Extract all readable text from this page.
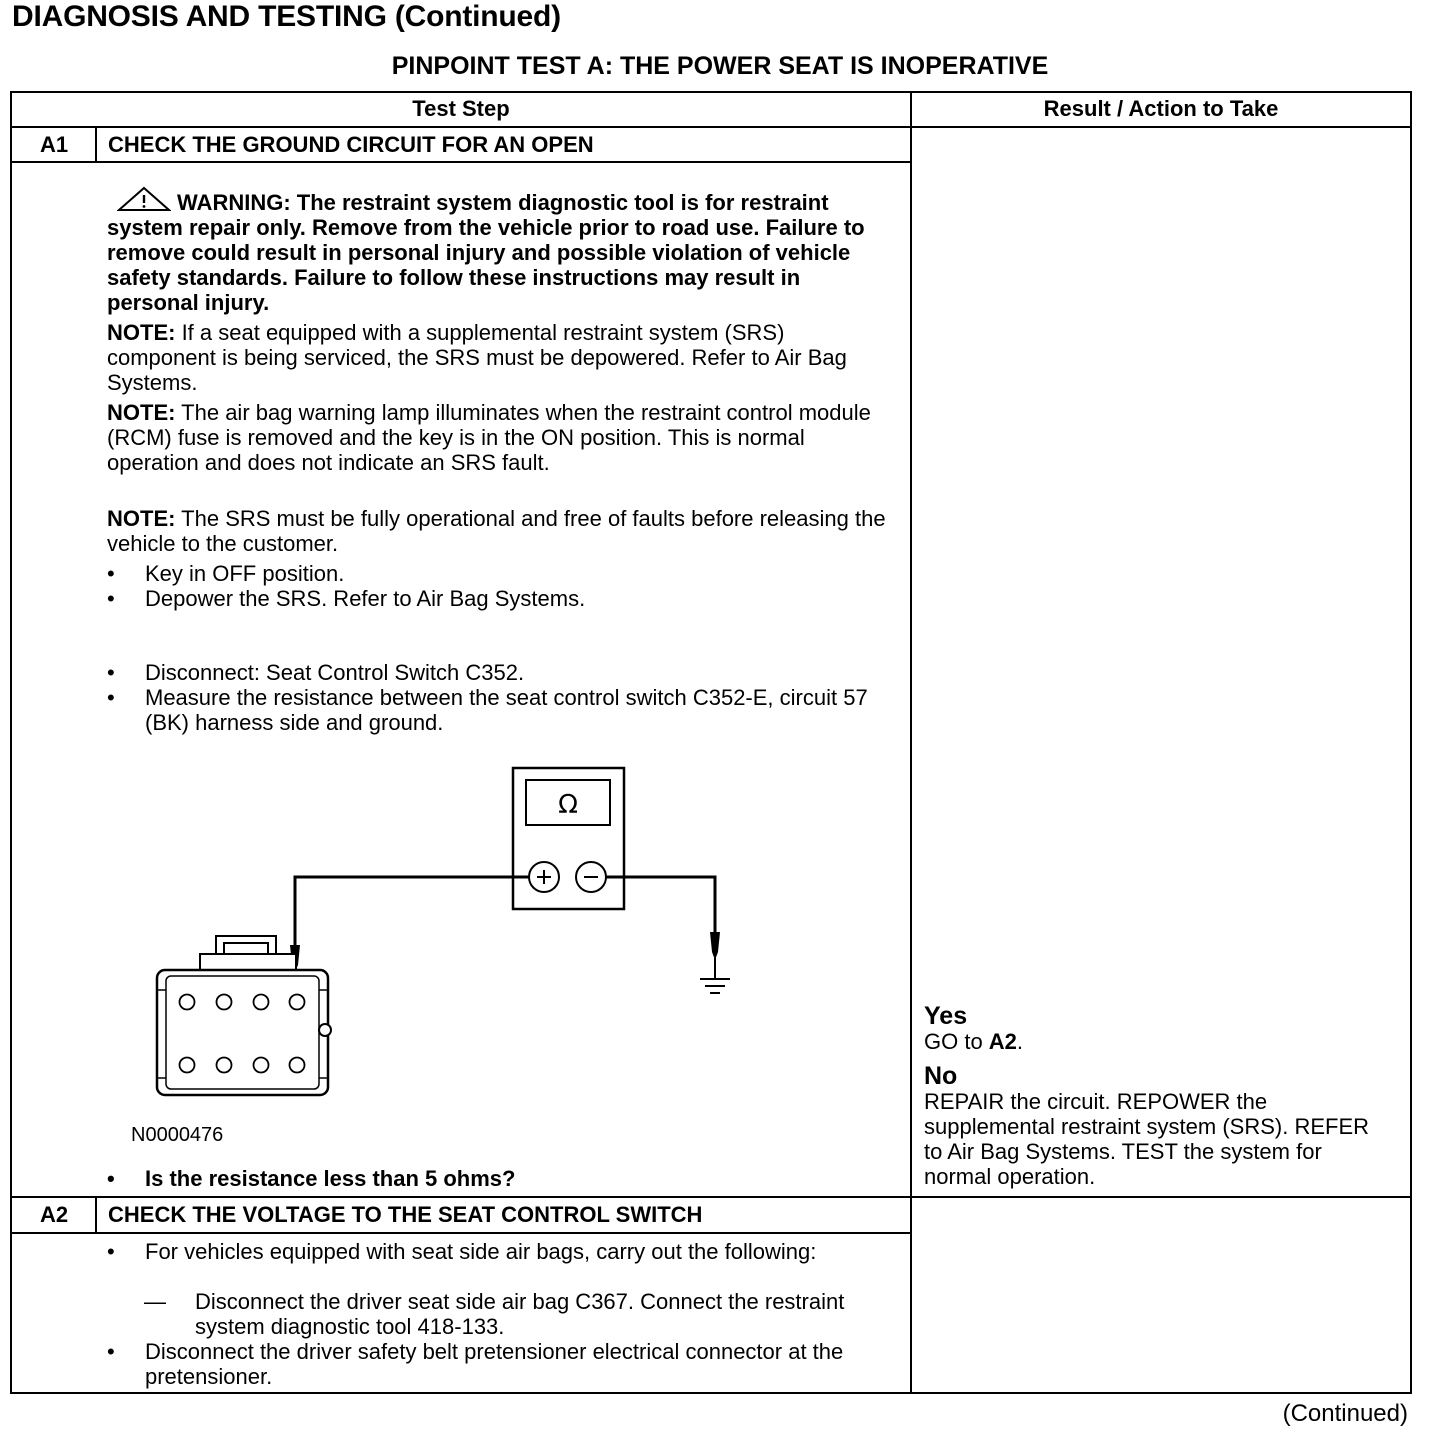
DIAGNOSIS AND TESTING (Continued)
PINPOINT TEST A: THE POWER SEAT IS INOPERATIVE
Test Step	Result / Action to Take
A1	CHECK THE GROUND CIRCUIT FOR AN OPEN
WARNING: The restraint system diagnostic tool is for restraint system repair only. Remove from the vehicle prior to road use. Failure to remove could result in personal injury and possible violation of vehicle safety standards. Failure to follow these instructions may result in personal injury.
NOTE: If a seat equipped with a supplemental restraint system (SRS) component is being serviced, the SRS must be depowered. Refer to Air Bag Systems.
NOTE: The air bag warning lamp illuminates when the restraint control module (RCM) fuse is removed and the key is in the ON position. This is normal operation and does not indicate an SRS fault.
NOTE: The SRS must be fully operational and free of faults before releasing the vehicle to the customer.
• Key in OFF position.
• Depower the SRS. Refer to Air Bag Systems.
• Disconnect: Seat Control Switch C352.
• Measure the resistance between the seat control switch C352-E, circuit 57 (BK) harness side and ground.
Ω
N0000476
• Is the resistance less than 5 ohms?
Yes
GO to A2.
No
REPAIR the circuit. REPOWER the supplemental restraint system (SRS). REFER to Air Bag Systems. TEST the system for normal operation.
A2	CHECK THE VOLTAGE TO THE SEAT CONTROL SWITCH
• For vehicles equipped with seat side air bags, carry out the following:
— Disconnect the driver seat side air bag C367. Connect the restraint system diagnostic tool 418-133.
• Disconnect the driver safety belt pretensioner electrical connector at the pretensioner.
(Continued)
